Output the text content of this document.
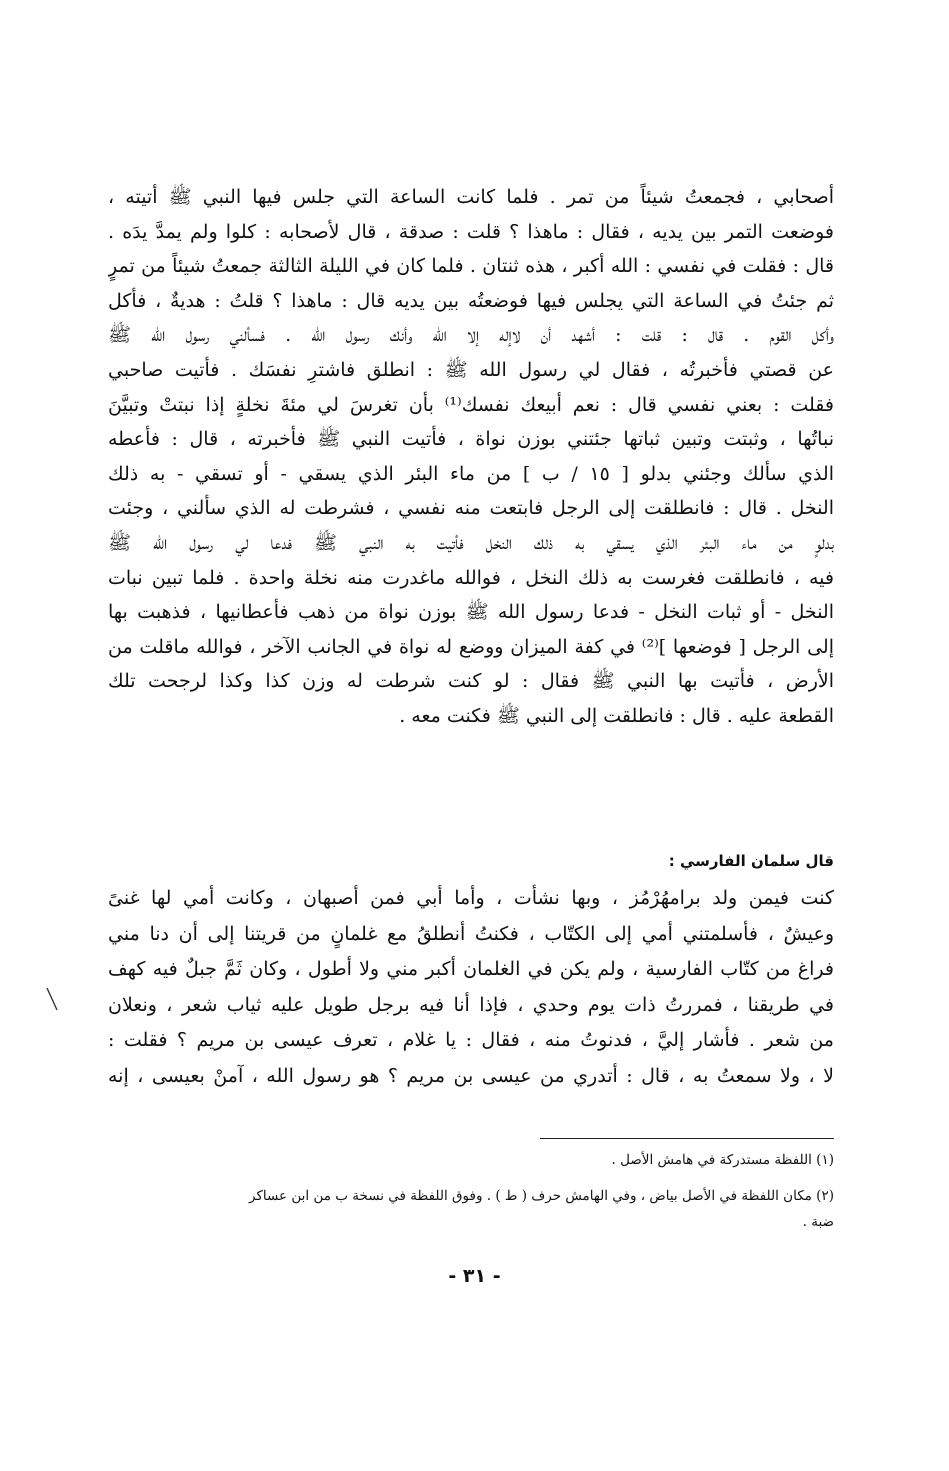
أصحابي ، فجمعتُ شيئاً من تمر . فلما كانت الساعة التي جلس فيها النبي ﷺ أتيته ،
فوضعت التمر بين يديه ، فقال : ماهذا ؟ قلت : صدقة ، قال لأصحابه : كلوا ولم يمدَّ يدَه .
قال : فقلت في نفسي : الله أكبر ، هذه ثنتان . فلما كان في الليلة الثالثة جمعتُ شيئاً من تمرٍ
ثم جئتُ في الساعة التي يجلس فيها فوضعتُه بين يديه قال : ماهذا ؟ قلتُ : هديةٌ ، فأكل
وأكل القوم . قال : قلت : أشهد أن لاإله إلا الله وأنك رسول الله . فسألني رسول الله ﷺ
عن قصتي فأخبرتُه ، فقال لي رسول الله ﷺ : انطلق فاشترِ نفسَك . فأتيت صاحبي
فقلت : بعني نفسي قال : نعم أبيعك نفسك⁽¹⁾ بأن تغرسَ لي مئةَ نخلةٍ إذا نبتتْ وتبيَّنَ
نباتُها ، وثبتت وتبين ثباتها جئتني بوزن نواة ، فأتيت النبي ﷺ فأخبرته ، قال : فأعطه
الذي سألك وجئني بدلو [ ١٥ / ب ] من ماء البئر الذي يسقي - أو تسقي - به ذلك
النخل . قال : فانطلقت إلى الرجل فابتعت منه نفسي ، فشرطت له الذي سألني ، وجئت
بدلوٍ من ماء البئر الذي يسقي به ذلك النخل فأتيت به النبي ﷺ فدعا لي رسول الله ﷺ
فيه ، فانطلقت فغرست به ذلك النخل ، فوالله ماغدرت منه نخلة واحدة . فلما تبين نبات
النخل - أو ثبات النخل - فدعا رسول الله ﷺ بوزن نواة من ذهب فأعطانيها ، فذهبت بها
إلى الرجل [ فوضعها ]⁽²⁾ في كفة الميزان ووضع له نواة في الجانب الآخر ، فوالله ماقلت من
الأرض ، فأتيت بها النبي ﷺ فقال : لو كنت شرطت له وزن كذا وكذا لرجحت تلك
القطعة عليه . قال : فانطلقت إلى النبي ﷺ فكنت معه .
قال سلمان الفارسي :
كنت فيمن ولد برامهُرْمُز ، وبها نشأت ، وأما أبي فمن أصبهان ، وكانت أمي لها غنىً
وعيشٌ ، فأسلمتني أمي إلى الكتّاب ، فكنتُ أنطلقُ مع غلمانٍ من قريتنا إلى أن دنا مني
فراغ من كتّاب الفارسية ، ولم يكن في الغلمان أكبر مني ولا أطول ، وكان ثَمَّ جبلٌ فيه كهف
في طريقنا ، فمررتُ ذات يوم وحدي ، فإذا أنا فيه برجل طويل عليه ثياب شعر ، ونعلان
من شعر . فأشار إليَّ ، فدنوتُ منه ، فقال : يا غلام ، تعرف عيسى بن مريم ؟ فقلت :
لا ، ولا سمعتُ به ، قال : أتدري من عيسى بن مريم ؟ هو رسول الله ، آمنْ بعيسى ، إنه
(١) اللفظة مستدركة في هامش الأصل .
(٢) مكان اللفظة في الأصل بياض ، وفي الهامش حرف ( ط ) . وفوق اللفظة في نسخة ب من ابن عساكر
ضبة .
- ٣١ -
